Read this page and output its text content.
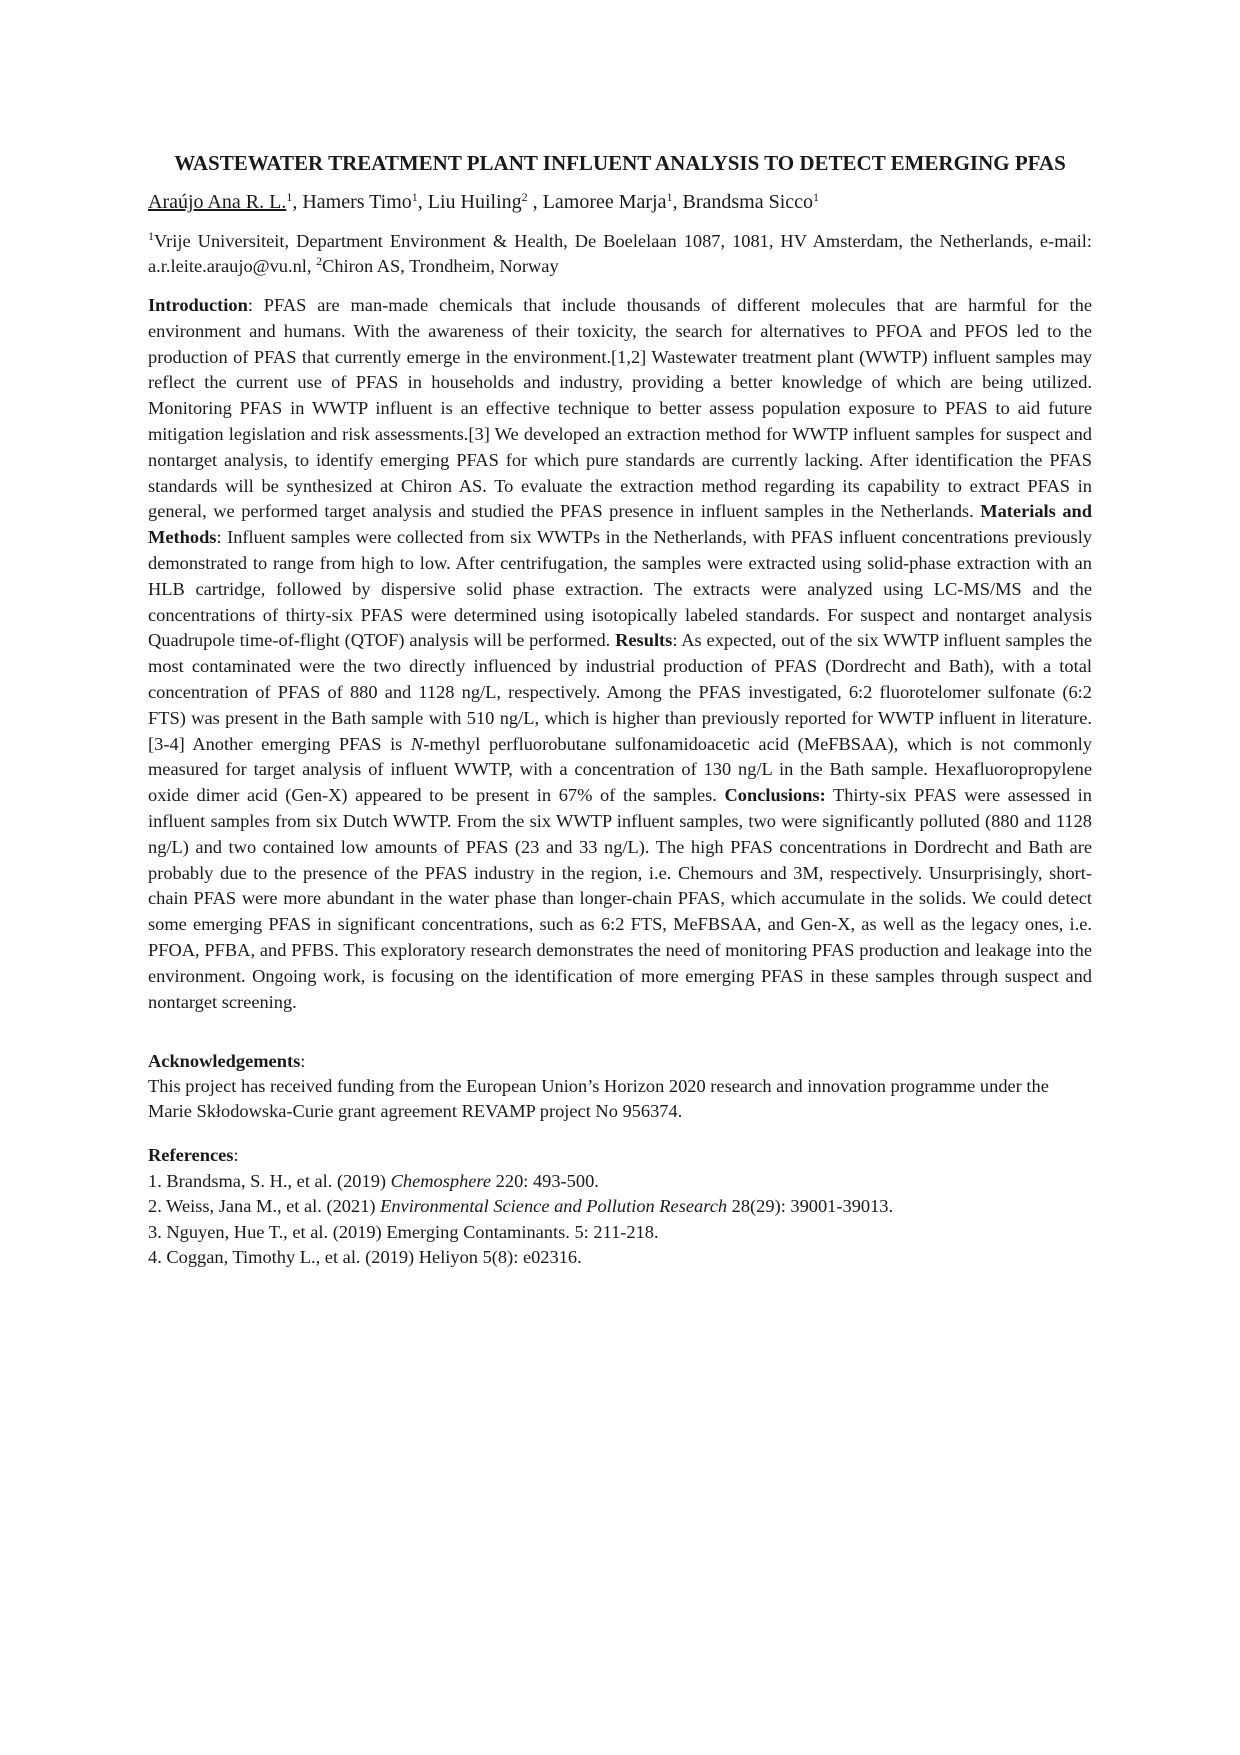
WASTEWATER TREATMENT PLANT INFLUENT ANALYSIS TO DETECT EMERGING PFAS
Araújo Ana R. L.$^1$, Hamers Timo$^1$, Liu Huiling$^2$ , Lamoree Marja$^1$, Brandsma Sicco$^1$
$^1$Vrije Universiteit, Department Environment & Health, De Boelelaan 1087, 1081, HV Amsterdam, the Netherlands, e-mail: a.r.leite.araujo@vu.nl, $^2$Chiron AS, Trondheim, Norway
Introduction: PFAS are man-made chemicals that include thousands of different molecules that are harmful for the environment and humans. With the awareness of their toxicity, the search for alternatives to PFOA and PFOS led to the production of PFAS that currently emerge in the environment.[1,2] Wastewater treatment plant (WWTP) influent samples may reflect the current use of PFAS in households and industry, providing a better knowledge of which are being utilized. Monitoring PFAS in WWTP influent is an effective technique to better assess population exposure to PFAS to aid future mitigation legislation and risk assessments.[3] We developed an extraction method for WWTP influent samples for suspect and nontarget analysis, to identify emerging PFAS for which pure standards are currently lacking. After identification the PFAS standards will be synthesized at Chiron AS. To evaluate the extraction method regarding its capability to extract PFAS in general, we performed target analysis and studied the PFAS presence in influent samples in the Netherlands. Materials and Methods: Influent samples were collected from six WWTPs in the Netherlands, with PFAS influent concentrations previously demonstrated to range from high to low. After centrifugation, the samples were extracted using solid-phase extraction with an HLB cartridge, followed by dispersive solid phase extraction. The extracts were analyzed using LC-MS/MS and the concentrations of thirty-six PFAS were determined using isotopically labeled standards. For suspect and nontarget analysis Quadrupole time-of-flight (QTOF) analysis will be performed. Results: As expected, out of the six WWTP influent samples the most contaminated were the two directly influenced by industrial production of PFAS (Dordrecht and Bath), with a total concentration of PFAS of 880 and 1128 ng/L, respectively. Among the PFAS investigated, 6:2 fluorotelomer sulfonate (6:2 FTS) was present in the Bath sample with 510 ng/L, which is higher than previously reported for WWTP influent in literature.[3-4] Another emerging PFAS is N-methyl perfluorobutane sulfonamidoacetic acid (MeFBSAA), which is not commonly measured for target analysis of influent WWTP, with a concentration of 130 ng/L in the Bath sample. Hexafluoropropylene oxide dimer acid (Gen-X) appeared to be present in 67% of the samples. Conclusions: Thirty-six PFAS were assessed in influent samples from six Dutch WWTP. From the six WWTP influent samples, two were significantly polluted (880 and 1128 ng/L) and two contained low amounts of PFAS (23 and 33 ng/L). The high PFAS concentrations in Dordrecht and Bath are probably due to the presence of the PFAS industry in the region, i.e. Chemours and 3M, respectively. Unsurprisingly, short-chain PFAS were more abundant in the water phase than longer-chain PFAS, which accumulate in the solids. We could detect some emerging PFAS in significant concentrations, such as 6:2 FTS, MeFBSAA, and Gen-X, as well as the legacy ones, i.e. PFOA, PFBA, and PFBS. This exploratory research demonstrates the need of monitoring PFAS production and leakage into the environment. Ongoing work, is focusing on the identification of more emerging PFAS in these samples through suspect and nontarget screening.
Acknowledgements:
This project has received funding from the European Union’s Horizon 2020 research and innovation programme under the Marie Skłodowska-Curie grant agreement REVAMP project No 956374.
References:
1. Brandsma, S. H., et al. (2019) Chemosphere 220: 493-500.
2. Weiss, Jana M., et al. (2021) Environmental Science and Pollution Research 28(29): 39001-39013.
3. Nguyen, Hue T., et al. (2019) Emerging Contaminants. 5: 211-218.
4. Coggan, Timothy L., et al. (2019) Heliyon 5(8): e02316.
